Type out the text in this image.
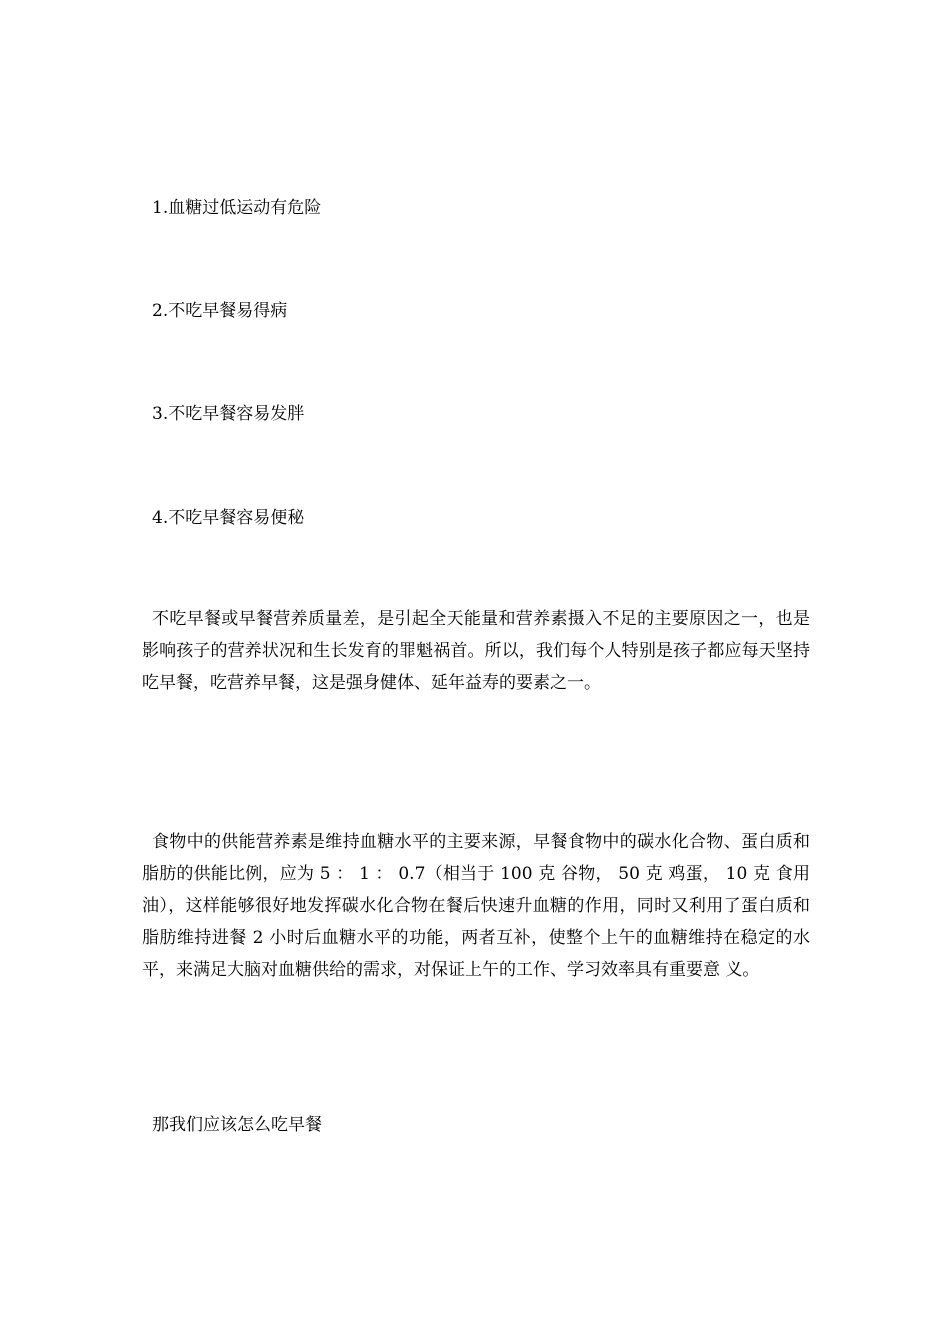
1.血糖过低运动有危险

2.不吃早餐易得病

3.不吃早餐容易发胖

4.不吃早餐容易便秘

不吃早餐或早餐营养质量差，是引起全天能量和营养素摄入不足的主要原因之一，也是影响孩子的营养状况和生长发育的罪魁祸首。所以，我们每个人特别是孩子都应每天坚持吃早餐，吃营养早餐，这是强身健体、延年益寿的要素之一。

食物中的供能营养素是维持血糖水平的主要来源，早餐食物中的碳水化合物、蛋白质和脂肪的供能比例，应为 5 ： 1 ： 0.7（相当于 100 克 谷物， 50 克 鸡蛋， 10 克 食用油），这样能够很好地发挥碳水化合物在餐后快速升血糖的作用，同时又利用了蛋白质和脂肪维持进餐 2 小时后血糖水平的功能，两者互补，使整个上午的血糖维持在稳定的水平，来满足大脑对血糖供给的需求，对保证上午的工作、学习效率具有重要意 义。

那我们应该怎么吃早餐
